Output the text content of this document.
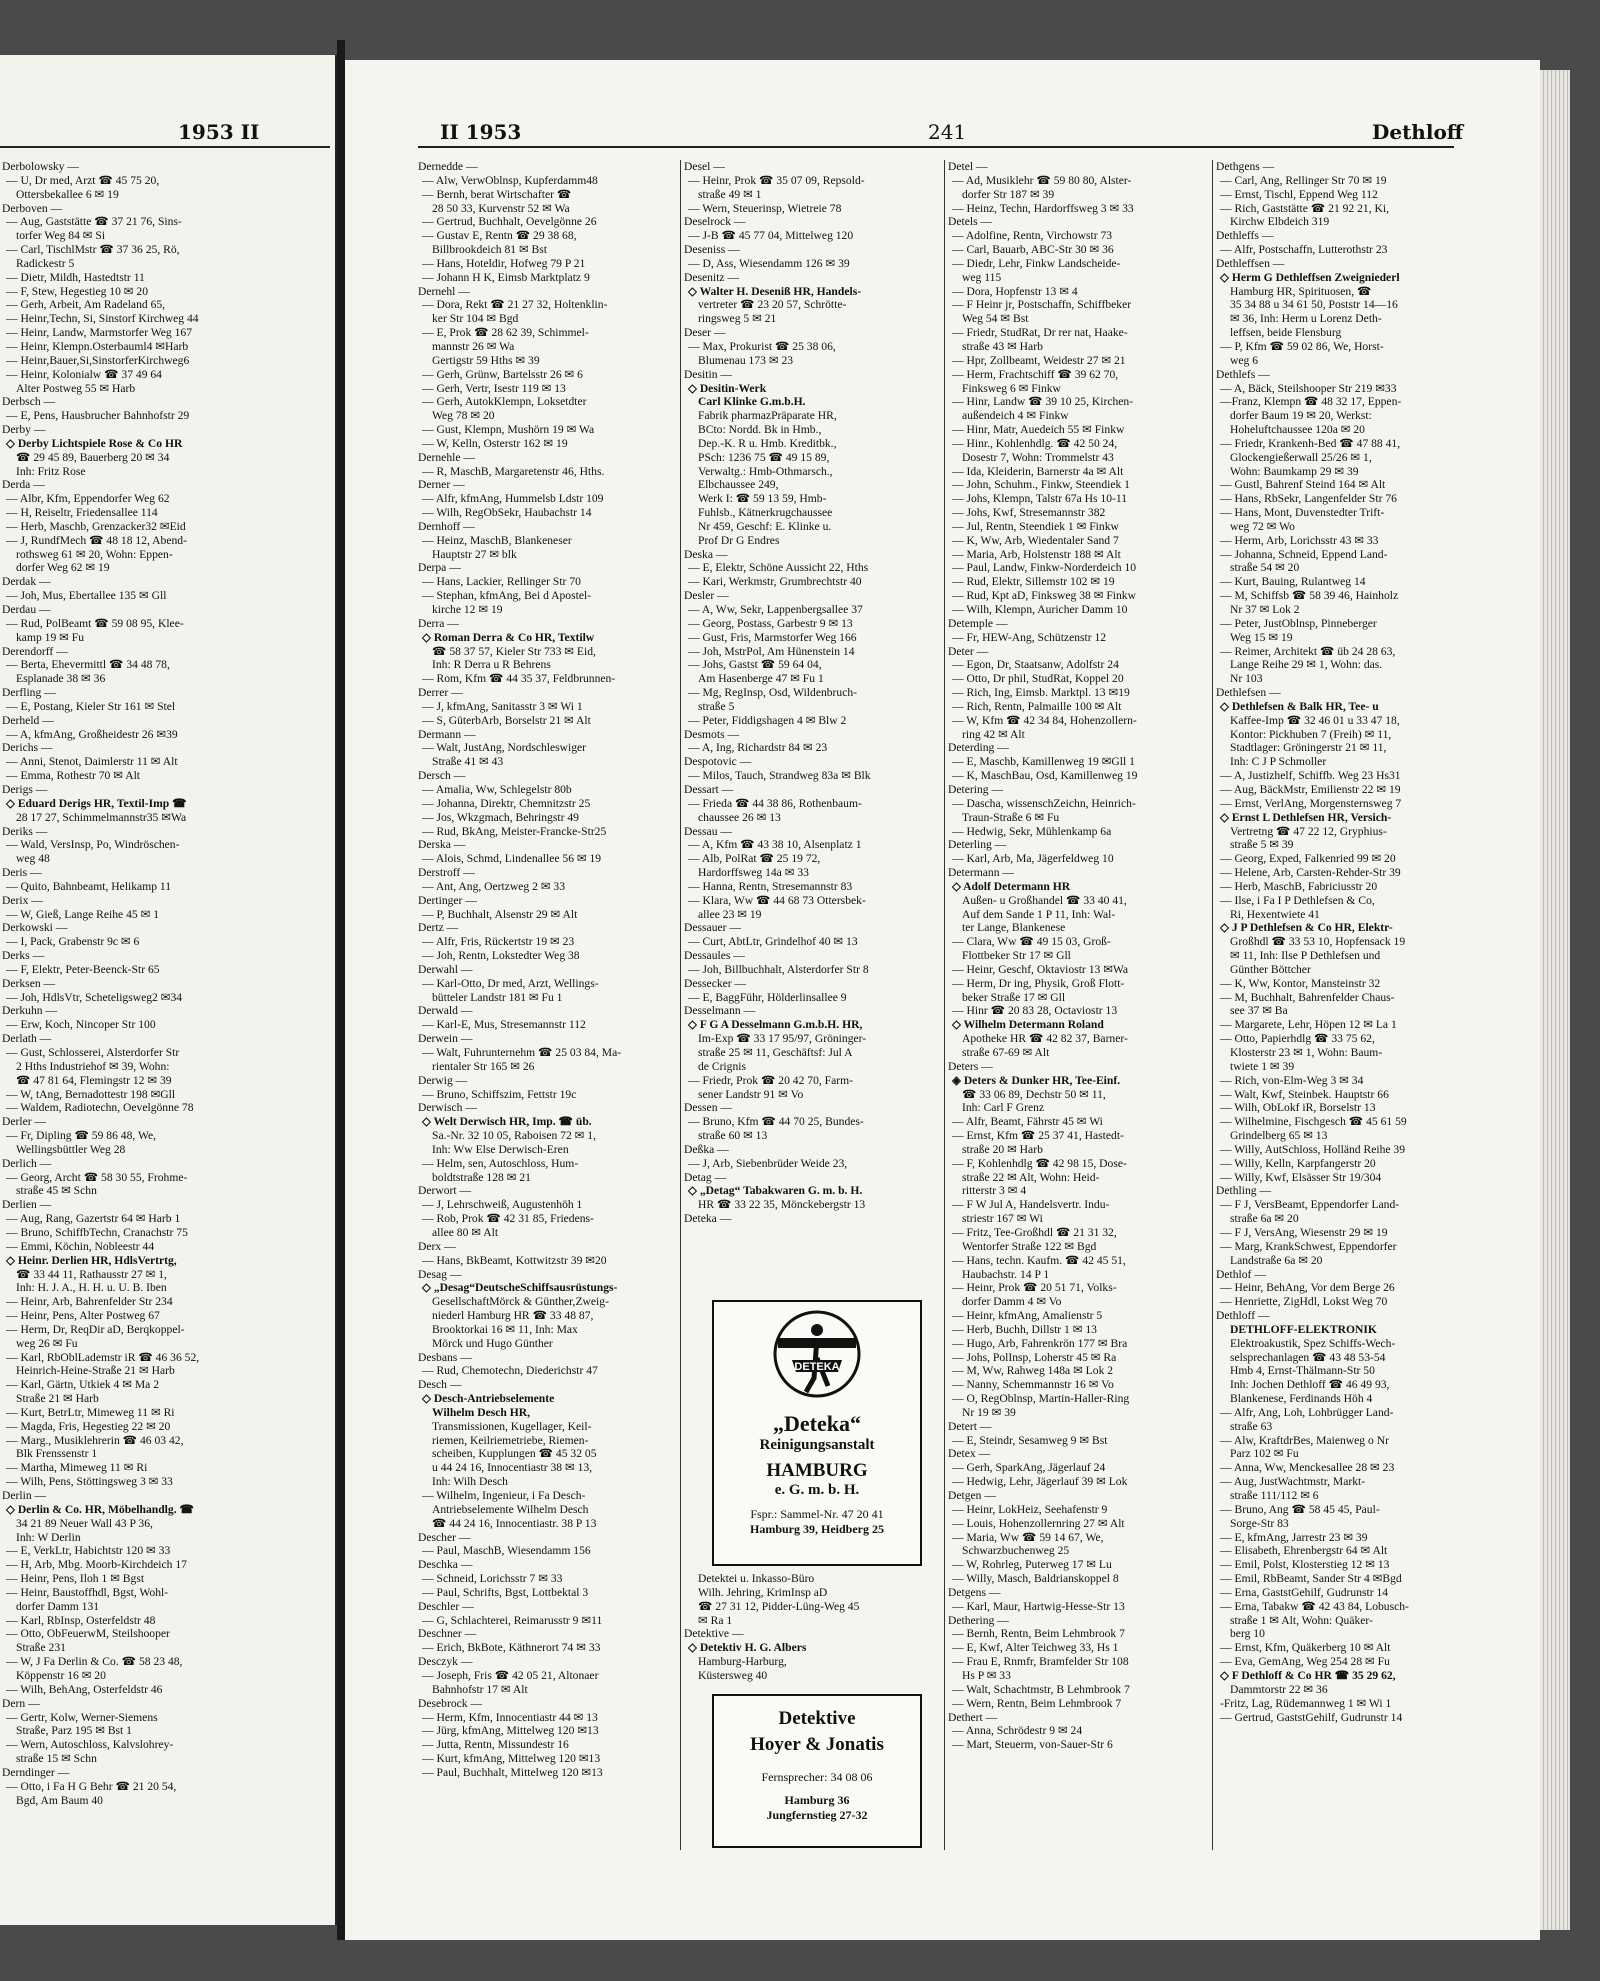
1953 II	II 1953	241	Dethloff
Derbolowsky —
— U, Dr med, Arzt ☎ 45 75 20,
Ottersbekallee 6 ✉ 19
Derboven —
— Aug, Gaststätte ☎ 37 21 76, Sins-
torfer Weg 84 ✉ Si
— Carl, TischlMstr ☎ 37 36 25, Rö,
Radickestr 5
— Dietr, Mildh, Hastedtstr 11
— F, Stew, Hegestieg 10 ✉ 20
— Gerh, Arbeit, Am Radeland 65,
— Heinr,Techn, Si, Sinstorf Kirchweg 44
— Heinr, Landw, Marmstorfer Weg 167
— Heinr, Klempn.Osterbauml4 ✉Harb
— Heinr,Bauer,Si,SinstorferKirchweg6
— Heinr, Kolonialw ☎ 37 49 64
Alter Postweg 55 ✉ Harb
Derbsch —
— E, Pens, Hausbrucher Bahnhofstr 29
Derby —
◇ Derby Lichtspiele Rose & Co HR
☎ 29 45 89, Bauerberg 20 ✉ 34
Inh: Fritz Rose
Derda —
— Albr, Kfm, Eppendorfer Weg 62
— H, Reiseltr, Friedensallee 114
— Herb, Maschb, Grenzacker32 ✉Eid
— J, RundfMech ☎ 48 18 12, Abend-
rothsweg 61 ✉ 20, Wohn: Eppen-
dorfer Weg 62 ✉ 19
Derdak —
— Joh, Mus, Ebertallee 135 ✉ Gll
Derdau —
— Rud, PolBeamt ☎ 59 08 95, Klee-
kamp 19 ✉ Fu
Derendorff —
— Berta, Ehevermittl ☎ 34 48 78,
Esplanade 38 ✉ 36
Derfling —
— E, Postang, Kieler Str 161 ✉ Stel
Derheld —
— A, kfmAng, Großheidestr 26 ✉39
Derichs —
— Anni, Stenot, Daimlerstr 11 ✉ Alt
— Emma, Rothestr 70 ✉ Alt
Derigs —
◇ Eduard Derigs HR, Textil-Imp ☎
28 17 27, Schimmelmannstr35 ✉Wa
Deriks —
— Wald, VersInsp, Po, Windröschen-
weg 48
Deris —
— Quito, Bahnbeamt, Helikamp 11
Derix —
— W, Gieß, Lange Reihe 45 ✉ 1
Derkowski —
— I, Pack, Grabenstr 9c ✉ 6
Derks —
— F, Elektr, Peter-Beenck-Str 65
Derksen —
— Joh, HdlsVtr, Scheteligsweg2 ✉34
Derkuhn —
— Erw, Koch, Nincoper Str 100
Derlath —
— Gust, Schlosserei, Alsterdorfer Str
2 Hths Industriehof ✉ 39, Wohn:
☎ 47 81 64, Flemingstr 12 ✉ 39
— W, tAng, Bernadottestr 198 ✉Gll
— Waldem, Radiotechn, Oevelgönne 78
Derler —
— Fr, Dipling ☎ 59 86 48, We,
Wellingsbüttler Weg 28
Derlich —
— Georg, Archt ☎ 58 30 55, Frohme-
straße 45 ✉ Schn
Derlien —
— Aug, Rang, Gazertstr 64 ✉ Harb 1
— Bruno, SchiffbTechn, Cranachstr 75
— Emmi, Köchin, Nobleestr 44
◇ Heinr. Derlien HR, HdlsVertrtg,
☎ 33 44 11, Rathausstr 27 ✉ 1,
Inh: H. J. A., H. H. u. U. B. Iben
— Heinr, Arb, Bahrenfelder Str 234
— Heinr, Pens, Alter Postweg 67
— Herm, Dr, ReqDir aD, Berqkoppel-
weg 26 ✉ Fu
— Karl, RbOblLademstr iR ☎ 46 36 52,
Heinrich-Heine-Straße 21 ✉ Harb
— Karl, Gärtn, Utkiek 4 ✉ Ma 2
Straße 21 ✉ Harb
— Kurt, BetrLtr, Mimeweg 11 ✉ Ri
— Magda, Fris, Hegestieg 22 ✉ 20
— Marg., Musiklehrerin ☎ 46 03 42,
Blk Frenssenstr 1
— Martha, Mimeweg 11 ✉ Ri
— Wilh, Pens, Stöttingsweg 3 ✉ 33
Derlin —
◇ Derlin & Co. HR, Möbelhandlg. ☎
34 21 89 Neuer Wall 43 P 36,
Inh: W Derlin
— E, VerkLtr, Habichtstr 120 ✉ 33
— H, Arb, Mbg. Moorb-Kirchdeich 17
— Heinr, Pens, Iloh 1 ✉ Bgst
— Heinr, Baustoffhdl, Bgst, Wohl-
dorfer Damm 131
— Karl, RbInsp, Osterfeldstr 48
— Otto, ObFeuerwM, Steilshooper
Straße 231
— W, J Fa Derlin & Co. ☎ 58 23 48,
Köppenstr 16 ✉ 20
— Wilh, BehAng, Osterfeldstr 46
Dern —
— Gertr, Kolw, Werner-Siemens
Straße, Parz 195 ✉ Bst 1
— Wern, Autoschloss, Kalvslohrey-
straße 15 ✉ Schn
Derndinger —
— Otto, i Fa H G Behr ☎ 21 20 54,
Bgd, Am Baum 40
Dernedde —
— Alw, VerwOblnsp, Kupferdamm48
— Bernh, berat Wirtschafter ☎
28 50 33, Kurvenstr 52 ✉ Wa
— Gertrud, Buchhalt, Oevelgönne 26
— Gustav E, Rentn ☎ 29 38 68,
Billbrookdeich 81 ✉ Bst
— Hans, Hoteldir, Hofweg 79 P 21
— Johann H K, Eimsb Marktplatz 9
Dernehl —
— Dora, Rekt ☎ 21 27 32, Holtenklin-
ker Str 104 ✉ Bgd
— E, Prok ☎ 28 62 39, Schimmel-
mannstr 26 ✉ Wa
Gertigstr 59 Hths ✉ 39
— Gerh, Grünw, Bartelsstr 26 ✉ 6
— Gerh, Vertr, Isestr 119 ✉ 13
— Gerh, AutokKlempn, Loksetdter
Weg 78 ✉ 20
— Gust, Klempn, Mushörn 19 ✉ Wa
— W, Kelln, Osterstr 162 ✉ 19
Dernehle —
— R, MaschB, Margaretenstr 46, Hths.
Derner —
— Alfr, kfmAng, Hummelsb Ldstr 109
— Wilh, RegObSekr, Haubachstr 14
Dernhoff —
— Heinz, MaschB, Blankeneser
Hauptstr 27 ✉ blk
Derpa —
— Hans, Lackier, Rellinger Str 70
— Stephan, kfmAng, Bei d Apostel-
kirche 12 ✉ 19
Derra —
◇ Roman Derra & Co HR, Textilw
☎ 58 37 57, Kieler Str 733 ✉ Eid,
Inh: R Derra u R Behrens
— Rom, Kfm ☎ 44 35 37, Feldbrunnen-
Derrer —
— J, kfmAng, Sanitasstr 3 ✉ Wi 1
— S, GüterbArb, Borselstr 21 ✉ Alt
Dermann —
— Walt, JustAng, Nordschleswiger
Straße 41 ✉ 43
Dersch —
— Amalia, Ww, Schlegelstr 80b
— Johanna, Direktr, Chemnitzstr 25
— Jos, Wkzgmach, Behringstr 49
— Rud, BkAng, Meister-Francke-Str25
Derska —
— Alois, Schmd, Lindenallee 56 ✉ 19
Derstroff —
— Ant, Ang, Oertzweg 2 ✉ 33
Dertinger —
— P, Buchhalt, Alsenstr 29 ✉ Alt
Dertz —
— Alfr, Fris, Rückertstr 19 ✉ 23
— Joh, Rentn, Lokstedter Weg 38
Derwahl —
— Karl-Otto, Dr med, Arzt, Wellings-
bütteler Landstr 181 ✉ Fu 1
Derwald —
— Karl-E, Mus, Stresemannstr 112
Derwein —
— Walt, Fuhrunternehm ☎ 25 03 84, Ma-
rientaler Str 165 ✉ 26
Derwig —
— Bruno, Schiffszim, Fettstr 19c
Derwisch —
◇ Welt Derwisch HR, Imp. ☎ üb.
Sa.-Nr. 32 10 05, Raboisen 72 ✉ 1,
Inh: Ww Else Derwisch-Eren
— Helm, sen, Autoschloss, Hum-
boldtstraße 128 ✉ 21
Derwort —
— J, Lehrschweiß, Augustenhöh 1
— Rob, Prok ☎ 42 31 85, Friedens-
allee 80 ✉ Alt
Derx —
— Hans, BkBeamt, Kottwitzstr 39 ✉20
Desag —
◇ „Desag“DeutscheSchiffsausrüstungs-
GesellschaftMörck & Günther,Zweig-
niederl Hamburg HR ☎ 33 48 87,
Brooktorkai 16 ✉ 11, Inh: Max
Mörck und Hugo Günther
Desbans —
— Rud, Chemotechn, Diederichstr 47
Desch —
◇ Desch-Antriebselemente
Wilhelm Desch HR,
Transmissionen, Kugellager, Keil-
riemen, Keilriemetriebe, Riemen-
scheiben, Kupplungen ☎ 45 32 05
u 44 24 16, Innocentiastr 38 ✉ 13,
Inh: Wilh Desch
— Wilhelm, Ingenieur, i Fa Desch-
Antriebselemente Wilhelm Desch
☎ 44 24 16, Innocentiastr. 38 P 13
Descher —
— Paul, MaschB, Wiesendamm 156
Deschka —
— Schneid, Lorichsstr 7 ✉ 33
— Paul, Schrifts, Bgst, Lottbektal 3
Deschler —
— G, Schlachterei, Reimarusstr 9 ✉11
Deschner —
— Erich, BkBote, Käthnerort 74 ✉ 33
Desczyk —
— Joseph, Fris ☎ 42 05 21, Altonaer
Bahnhofstr 17 ✉ Alt
Desebrock —
— Herm, Kfm, Innocentiastr 44 ✉ 13
— Jürg, kfmAng, Mittelweg 120 ✉13
— Jutta, Rentn, Missundestr 16
— Kurt, kfmAng, Mittelweg 120 ✉13
— Paul, Buchhalt, Mittelweg 120 ✉13
Desel —
— Heinr, Prok ☎ 35 07 09, Repsold-
straße 49 ✉ 1
— Wern, Steuerinsp, Wietreie 78
Deselrock —
— J-B ☎ 45 77 04, Mittelweg 120
Deseniss —
— D, Ass, Wiesendamm 126 ✉ 39
Desenitz —
◇ Walter H. Deseniß HR, Handels-
vertreter ☎ 23 20 57, Schrötte-
ringsweg 5 ✉ 21
Deser —
— Max, Prokurist ☎ 25 38 06,
Blumenau 173 ✉ 23
Desitin —
◇ Desitin-Werk
Carl Klinke G.m.b.H.
Fabrik pharmazPräparate HR,
BCto: Nordd. Bk in Hmb.,
Dep.-K. R u. Hmb. Kreditbk.,
PSch: 1236 75 ☎ 49 15 89,
Verwaltg.: Hmb-Othmarsch.,
Elbchaussee 249,
Werk I: ☎ 59 13 59, Hmb-
Fuhlsb., Kätnerkrugchaussee
Nr 459, Geschf: E. Klinke u.
Prof Dr G Endres
Deska —
— E, Elektr, Schöne Aussicht 22, Hths
— Kari, Werkmstr, Grumbrechtstr 40
Desler —
— A, Ww, Sekr, Lappenbergsallee 37
— Georg, Postass, Garbestr 9 ✉ 13
— Gust, Fris, Marmstorfer Weg 166
— Joh, MstrPol, Am Hünenstein 14
— Johs, Gastst ☎ 59 64 04,
Am Hasenberge 47 ✉ Fu 1
— Mg, RegInsp, Osd, Wildenbruch-
straße 5
— Peter, Fiddigshagen 4 ✉ Blw 2
Desmots —
— A, Ing, Richardstr 84 ✉ 23
Despotovic —
— Milos, Tauch, Strandweg 83a ✉ Blk
Dessart —
— Frieda ☎ 44 38 86, Rothenbaum-
chaussee 26 ✉ 13
Dessau —
— A, Kfm ☎ 43 38 10, Alsenplatz 1
— Alb, PolRat ☎ 25 19 72,
Hardorffsweg 14a ✉ 33
— Hanna, Rentn, Stresemannstr 83
— Klara, Ww ☎ 44 68 73 Ottersbek-
allee 23 ✉ 19
Dessauer —
— Curt, AbtLtr, Grindelhof 40 ✉ 13
Dessaules —
— Joh, Billbuchhalt, Alsterdorfer Str 8
Dessecker —
— E, BaggFühr, Hölderlinsallee 9
Desselmann —
◇ F G A Desselmann G.m.b.H. HR,
Im-Exp ☎ 33 17 95/97, Gröninger-
straße 25 ✉ 11, Geschäftsf: Jul A
de Crignis
— Friedr, Prok ☎ 20 42 70, Farm-
sener Landstr 91 ✉ Vo
Dessen —
— Bruno, Kfm ☎ 44 70 25, Bundes-
straße 60 ✉ 13
Deßka —
— J, Arb, Siebenbrüder Weide 23,
Detag —
◇ „Detag“ Tabakwaren G. m. b. H.
HR ☎ 33 22 35, Mönckebergstr 13
Deteka —
Detel —
— Ad, Musiklehr ☎ 59 80 80, Alster-
dorfer Str 187 ✉ 39
— Heinz, Techn, Hardorffsweg 3 ✉ 33
Detels —
— Adolfine, Rentn, Virchowstr 73
— Carl, Bauarb, ABC-Str 30 ✉ 36
— Diedr, Lehr, Finkw Landscheide-
weg 115
— Dora, Hopfenstr 13 ✉ 4
— F Heinr jr, Postschaffn, Schiffbeker
Weg 54 ✉ Bst
— Friedr, StudRat, Dr rer nat, Haake-
straße 43 ✉ Harb
— Hpr, Zollbeamt, Weidestr 27 ✉ 21
— Herm, Frachtschiff ☎ 39 62 70,
Finksweg 6 ✉ Finkw
— Hinr, Landw ☎ 39 10 25, Kirchen-
außendeich 4 ✉ Finkw
— Hinr, Matr, Auedeich 55 ✉ Finkw
— Hinr., Kohlenhdlg. ☎ 42 50 24,
Dosestr 7, Wohn: Trommelstr 43
— Ida, Kleiderin, Barnerstr 4a ✉ Alt
— John, Schuhm., Finkw, Steendiek 1
— Johs, Klempn, Talstr 67a Hs 10-11
— Johs, Kwf, Stresemannstr 382
— Jul, Rentn, Steendiek 1 ✉ Finkw
— K, Ww, Arb, Wiedentaler Sand 7
— Maria, Arb, Holstenstr 188 ✉ Alt
— Paul, Landw, Finkw-Norderdeich 10
— Rud, Elektr, Sillemstr 102 ✉ 19
— Rud, Kpt aD, Finksweg 38 ✉ Finkw
— Wilh, Klempn, Auricher Damm 10
Detemple —
— Fr, HEW-Ang, Schützenstr 12
Deter —
— Egon, Dr, Staatsanw, Adolfstr 24
— Otto, Dr phil, StudRat, Koppel 20
— Rich, Ing, Eimsb. Marktpl. 13 ✉19
— Rich, Rentn, Palmaille 100 ✉ Alt
— W, Kfm ☎ 42 34 84, Hohenzollern-
ring 42 ✉ Alt
Deterding —
— E, Maschb, Kamillenweg 19 ✉Gll 1
— K, MaschBau, Osd, Kamillenweg 19
Detering —
— Dascha, wissenschZeichn, Heinrich-
Traun-Straße 6 ✉ Fu
— Hedwig, Sekr, Mühlenkamp 6a
Deterling —
— Karl, Arb, Ma, Jägerfeldweg 10
Determann —
◇ Adolf Determann HR
Außen- u Großhandel ☎ 33 40 41,
Auf dem Sande 1 P 11, Inh: Wal-
ter Lange, Blankenese
— Clara, Ww ☎ 49 15 03, Groß-
Flottbeker Str 17 ✉ Gll
— Heinr, Geschf, Oktaviostr 13 ✉Wa
— Herm, Dr ing, Physik, Groß Flott-
beker Straße 17 ✉ Gll
— Hinr ☎ 20 83 28, Octaviostr 13
◇ Wilhelm Determann Roland
Apotheke HR ☎ 42 82 37, Barner-
straße 67-69 ✉ Alt
Deters —
◈ Deters & Dunker HR, Tee-Einf.
☎ 33 06 89, Dechstr 50 ✉ 11,
Inh: Carl F Grenz
— Alfr, Beamt, Fährstr 45 ✉ Wi
— Ernst, Kfm ☎ 25 37 41, Hastedt-
straße 20 ✉ Harb
— F, Kohlenhdlg ☎ 42 98 15, Dose-
straße 22 ✉ Alt, Wohn: Heid-
ritterstr 3 ✉ 4
— F W Jul A, Handelsvertr. Indu-
striestr 167 ✉ Wi
— Fritz, Tee-Großhdl ☎ 21 31 32,
Wentorfer Straße 122 ✉ Bgd
— Hans, techn. Kaufm. ☎ 42 45 51,
Haubachstr. 14 P 1
— Heinr, Prok ☎ 20 51 71, Volks-
dorfer Damm 4 ✉ Vo
— Heinr, kfmAng, Amalienstr 5
— Herb, Buchh, Dillstr 1 ✉ 13
— Hugo, Arb, Fahrenkrön 177 ✉ Bra
— Johs, PolInsp, Loherstr 45 ✉ Ra
— M, Ww, Rahweg 148a ✉ Lok 2
— Nanny, Schemmannstr 16 ✉ Vo
— O, RegOblnsp, Martin-Haller-Ring
Nr 19 ✉ 39
Detert —
— E, Steindr, Sesamweg 9 ✉ Bst
Detex —
— Gerh, SparkAng, Jägerlauf 24
— Hedwig, Lehr, Jägerlauf 39 ✉ Lok
Detgen —
— Heinr, LokHeiz, Seehafenstr 9
— Louis, Hohenzollernring 27 ✉ Alt
— Maria, Ww ☎ 59 14 67, We,
Schwarzbuchenweg 25
— W, Rohrleg, Puterweg 17 ✉ Lu
— Willy, Masch, Baldrianskoppel 8
Detgens —
— Karl, Maur, Hartwig-Hesse-Str 13
Dethering —
— Bernh, Rentn, Beim Lehmbrook 7
— E, Kwf, Alter Teichweg 33, Hs 1
— Frau E, Rnmfr, Bramfelder Str 108
Hs P ✉ 33
— Walt, Schachtmstr, B Lehmbrook 7
— Wern, Rentn, Beim Lehmbrook 7
Dethert —
— Anna, Schrödestr 9 ✉ 24
— Mart, Steuerm, von-Sauer-Str 6
Dethgens —
— Carl, Ang, Rellinger Str 70 ✉ 19
— Ernst, Tischl, Eppend Weg 112
— Rich, Gaststätte ☎ 21 92 21, Ki,
Kirchw Elbdeich 319
Dethleffs —
— Alfr, Postschaffn, Lutterothstr 23
Dethleffsen —
◇ Herm G Dethleffsen Zweigniederl
Hamburg HR, Spirituosen, ☎
35 34 88 u 34 61 50, Poststr 14—16
✉ 36, Inh: Herm u Lorenz Deth-
leffsen, beide Flensburg
— P, Kfm ☎ 59 02 86, We, Horst-
weg 6
Dethlefs —
— A, Bäck, Steilshooper Str 219 ✉33
—Franz, Klempn ☎ 48 32 17, Eppen-
dorfer Baum 19 ✉ 20, Werkst:
Hoheluftchaussee 120a ✉ 20
— Friedr, Krankenh-Bed ☎ 47 88 41,
Glockengießerwall 25/26 ✉ 1,
Wohn: Baumkamp 29 ✉ 39
— Gustl, Bahrenf Steind 164 ✉ Alt
— Hans, RbSekr, Langenfelder Str 76
— Hans, Mont, Duvenstedter Trift-
weg 72 ✉ Wo
— Herm, Arb, Lorichsstr 43 ✉ 33
— Johanna, Schneid, Eppend Land-
straße 54 ✉ 20
— Kurt, Bauing, Rulantweg 14
— M, Schiffsb ☎ 58 39 46, Hainholz
Nr 37 ✉ Lok 2
— Peter, JustOblnsp, Pinneberger
Weg 15 ✉ 19
— Reimer, Architekt ☎ üb 24 28 63,
Lange Reihe 29 ✉ 1, Wohn: das.
Nr 103
Dethlefsen —
◇ Dethlefsen & Balk HR, Tee- u
Kaffee-Imp ☎ 32 46 01 u 33 47 18,
Kontor: Pickhuben 7 (Freih) ✉ 11,
Stadtlager: Gröningerstr 21 ✉ 11,
Inh: C J P Schmoller
— A, Justizhelf, Schiffb. Weg 23 Hs31
— Aug, BäckMstr, Emilienstr 22 ✉ 19
— Ernst, VerlAng, Morgensternsweg 7
◇ Ernst L Dethlefsen HR, Versich-
Vertretng ☎ 47 22 12, Gryphius-
straße 5 ✉ 39
— Georg, Exped, Falkenried 99 ✉ 20
— Helene, Arb, Carsten-Rehder-Str 39
— Herb, MaschB, Fabriciusstr 20
— Ilse, i Fa I P Dethlefsen & Co,
Ri, Hexentwiete 41
◇ J P Dethlefsen & Co HR, Elektr-
Großhdl ☎ 33 53 10, Hopfensack 19
✉ 11, Inh: Ilse P Dethlefsen und
Günther Böttcher
— K, Ww, Kontor, Mansteinstr 32
— M, Buchhalt, Bahrenfelder Chaus-
see 37 ✉ Ba
— Margarete, Lehr, Höpen 12 ✉ La 1
— Otto, Papierhdlg ☎ 33 75 62,
Klosterstr 23 ✉ 1, Wohn: Baum-
twiete 1 ✉ 39
— Rich, von-Elm-Weg 3 ✉ 34
— Walt, Kwf, Steinbek. Hauptstr 66
— Wilh, ObLokf iR, Borselstr 13
— Wilhelmine, Fischgesch ☎ 45 61 59
Grindelberg 65 ✉ 13
— Willy, AutSchloss, Holländ Reihe 39
— Willy, Kelln, Karpfangerstr 20
— Willy, Kwf, Elsässer Str 19/304
Dethling —
— F J, VersBeamt, Eppendorfer Land-
straße 6a ✉ 20
— F J, VersAng, Wiesenstr 29 ✉ 19
— Marg, KrankSchwest, Eppendorfer
Landstraße 6a ✉ 20
Dethlof —
— Heinr, BehAng, Vor dem Berge 26
— Henriette, ZigHdl, Lokst Weg 70
Dethloff —
DETHLOFF-ELEKTRONIK
Elektroakustik, Spez Schiffs-Wech-
selsprechanlagen ☎ 43 48 53-54
Hmb 4, Ernst-Thälmann-Str 50
Inh: Jochen Dethloff ☎ 46 49 93,
Blankenese, Ferdinands Höh 4
— Alfr, Ang, Loh, Lohbrügger Land-
straße 63
— Alw, KraftdrBes, Maienweg o Nr
Parz 102 ✉ Fu
— Anna, Ww, Menckesallee 28 ✉ 23
— Aug, JustWachtmstr, Markt-
straße 111/112 ✉ 6
— Bruno, Ang ☎ 58 45 45, Paul-
Sorge-Str 83
— E, kfmAng, Jarrestr 23 ✉ 39
— Elisabeth, Ehrenbergstr 64 ✉ Alt
— Emil, Polst, Klosterstieg 12 ✉ 13
— Emil, RbBeamt, Sander Str 4 ✉Bgd
— Erna, GaststGehilf, Gudrunstr 14
— Erna, Tabakw ☎ 42 43 84, Lobusch-
straße 1 ✉ Alt, Wohn: Quäker-
berg 10
— Ernst, Kfm, Quäkerberg 10 ✉ Alt
— Eva, GemAng, Weg 254 28 ✉ Fu
◇ F Dethloff & Co HR ☎ 35 29 62,
Dammtorstr 22 ✉ 36
-Fritz, Lag, Rüdemannweg 1 ✉ Wi 1
— Gertrud, GaststGehilf, Gudrunstr 14
DETEKA
„Deteka“
Reinigungsanstalt
HAMBURG
e. G. m. b. H.
Fspr.: Sammel-Nr. 47 20 41
Hamburg 39, Heidberg 25
Detektei u. Inkasso-Büro
Wilh. Jehring, KrimInsp aD
☎ 27 31 12, Pidder-Lüng-Weg 45
✉ Ra 1
Detektive —
◇ Detektiv H. G. Albers
Hamburg-Harburg,
Küstersweg 40
Detektive
Hoyer & Jonatis
Fernsprecher: 34 08 06
Hamburg 36
Jungfernstieg 27-32
